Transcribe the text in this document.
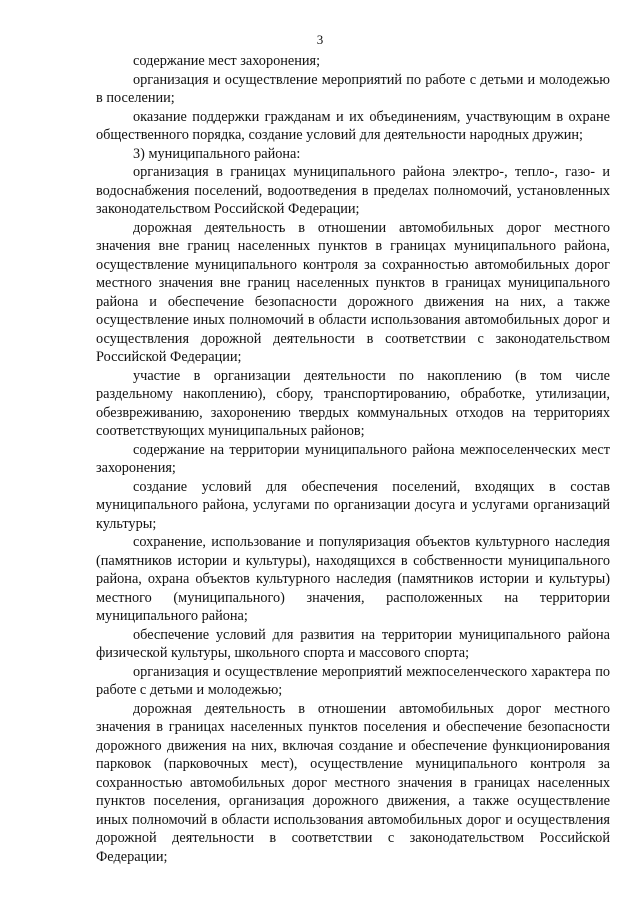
3

содержание мест захоронения;

организация и осуществление мероприятий по работе с детьми и молодежью в поселении;

оказание поддержки гражданам и их объединениям, участвующим в охране общественного порядка, создание условий для деятельности народных дружин;

3) муниципального района:

организация в границах муниципального района электро-, тепло-, газо- и водоснабжения поселений, водоотведения в пределах полномочий, установленных законодательством Российской Федерации;

дорожная деятельность в отношении автомобильных дорог местного значения вне границ населенных пунктов в границах муниципального района, осуществление муниципального контроля за сохранностью автомобильных дорог местного значения вне границ населенных пунктов в границах муниципального района и обеспечение безопасности дорожного движения на них, а также осуществление иных полномочий в области использования автомобильных дорог и осуществления дорожной деятельности в соответствии с законодательством Российской Федерации;

участие в организации деятельности по накоплению (в том числе раздельному накоплению), сбору, транспортированию, обработке, утилизации, обезвреживанию, захоронению твердых коммунальных отходов на территориях соответствующих муниципальных районов;

содержание на территории муниципального района межпоселенческих мест захоронения;

создание условий для обеспечения поселений, входящих в состав муниципального района, услугами по организации досуга и услугами организаций культуры;

сохранение, использование и популяризация объектов культурного наследия (памятников истории и культуры), находящихся в собственности муниципального района, охрана объектов культурного наследия (памятников истории и культуры) местного (муниципального) значения, расположенных на территории муниципального района;

обеспечение условий для развития на территории муниципального района физической культуры, школьного спорта и массового спорта;

организация и осуществление мероприятий межпоселенческого характера по работе с детьми и молодежью;

дорожная деятельность в отношении автомобильных дорог местного значения в границах населенных пунктов поселения и обеспечение безопасности дорожного движения на них, включая создание и обеспечение функционирования парковок (парковочных мест), осуществление муниципального контроля за сохранностью автомобильных дорог местного значения в границах населенных пунктов поселения, организация дорожного движения, а также осуществление иных полномочий в области использования автомобильных дорог и осуществления дорожной деятельности в соответствии с законодательством Российской Федерации;
